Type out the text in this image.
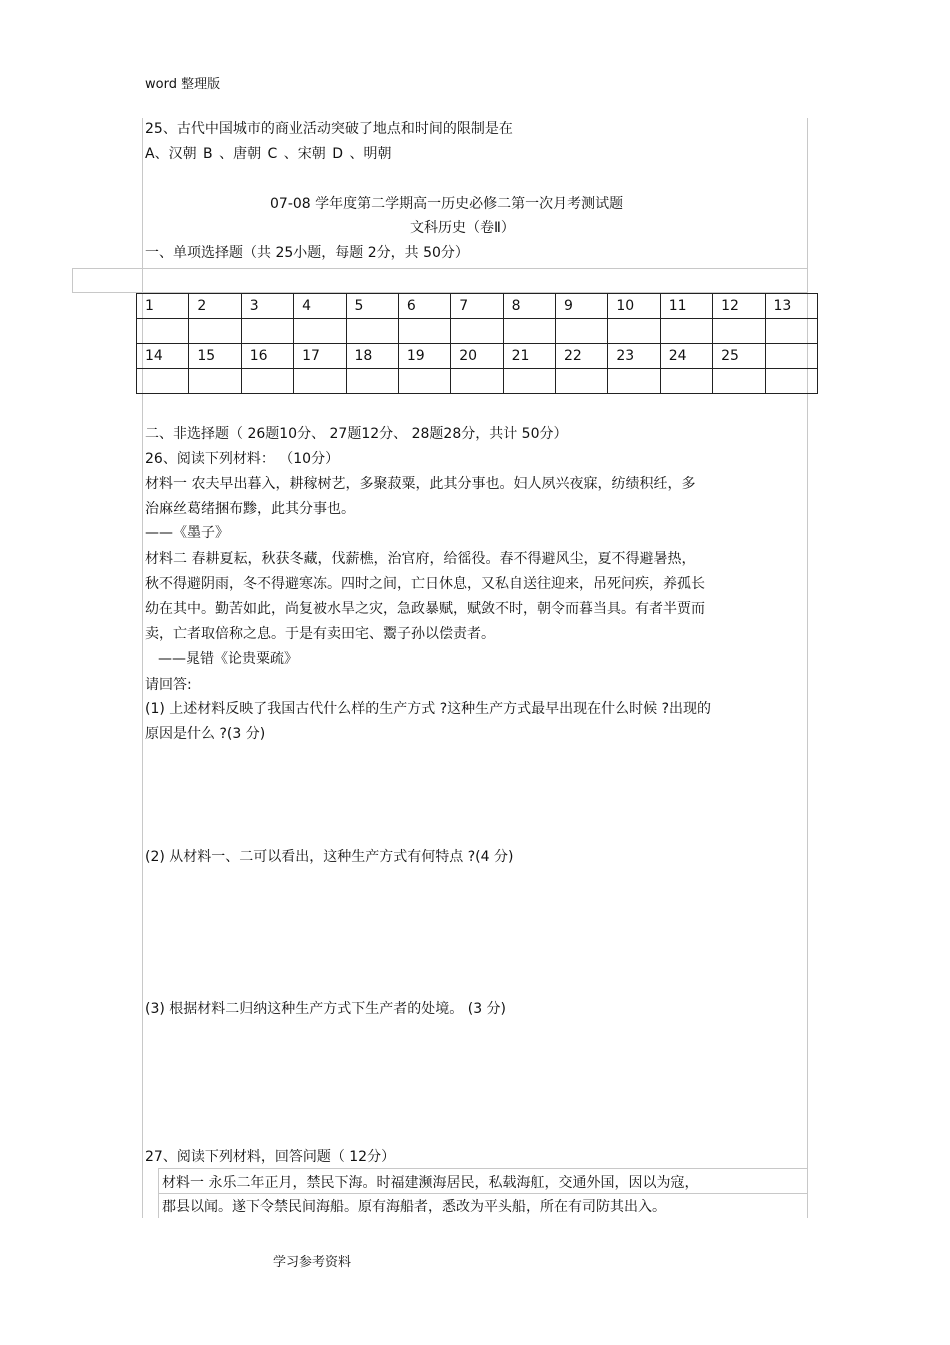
word 整理版
25、古代中国城市的商业活动突破了地点和时间的限制是在
A、汉朝 B 、唐朝 C 、宋朝 D 、明朝
07-08 学年度第二学期高一历史必修二第一次月考测试题
文科历史（卷Ⅱ）
一、单项选择题（共 25小题，每题 2分，共 50分）
1	2	3	4	5	6	7	8	9	10	11	12	13

14	15	16	17	18	19	20	21	22	23	24	25	

二、非选择题（ 26题10分、 27题12分、 28题28分，共计 50分）
26、阅读下列材料： （10分）
材料一 农夫早出暮入，耕稼树艺，多聚菽粟，此其分事也。妇人夙兴夜寐，纺绩积纴，多
治麻丝葛绪捆布黪，此其分事也。
——《墨子》
材料二 春耕夏耘，秋获冬藏，伐薪樵，治官府，给徭役。春不得避风尘，夏不得避暑热，
秋不得避阴雨，冬不得避寒冻。四时之间，亡日休息，又私自送往迎来，吊死问疾，养孤长
幼在其中。勤苦如此，尚复被水旱之灾，急政暴赋，赋敛不时，朝令而暮当具。有者半贾而
卖，亡者取倍称之息。于是有卖田宅、鬻子孙以偿责者。
——晁错《论贵粟疏》
请回答:
(1) 上述材料反映了我国古代什么样的生产方式 ?这种生产方式最早出现在什么时候 ?出现的
原因是什么 ?(3 分)
(2) 从材料一、二可以看出，这种生产方式有何特点 ?(4 分)
(3) 根据材料二归纳这种生产方式下生产者的处境。 (3 分)
27、阅读下列材料，回答问题（ 12分）
材料一 永乐二年正月，禁民下海。时福建濒海居民，私载海舡，交通外国，因以为寇，
郡县以闻。遂下令禁民间海船。原有海船者，悉改为平头船，所在有司防其出入。
学习参考资料
